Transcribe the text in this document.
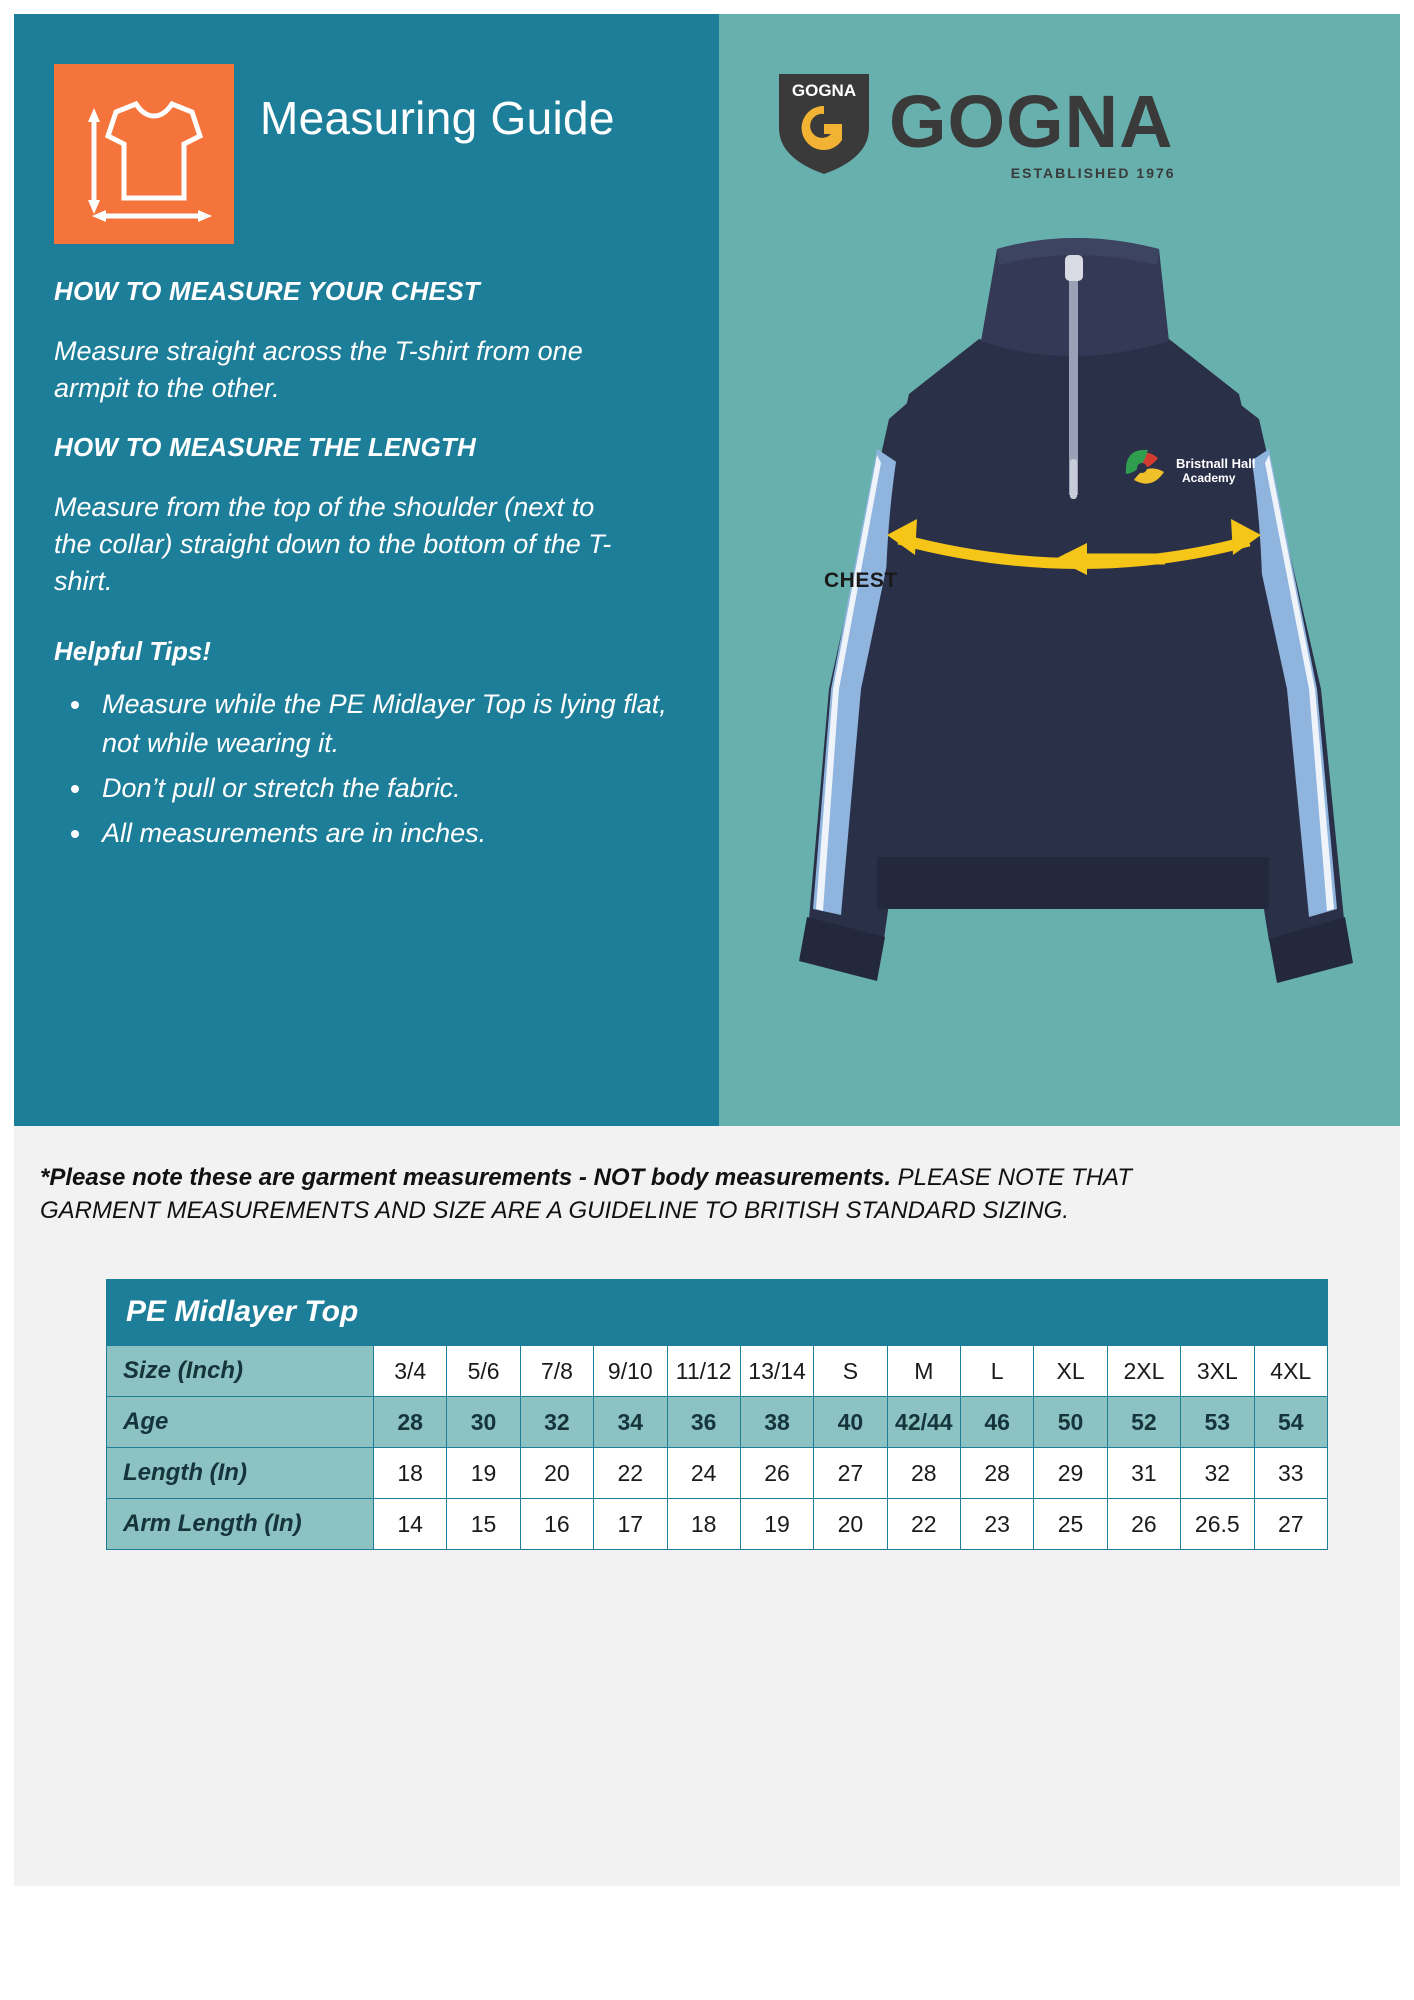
Measuring Guide
HOW TO MEASURE YOUR CHEST

Measure straight across the T-shirt from one armpit to the other.

HOW TO MEASURE THE LENGTH

Measure from the top of the shoulder (next to the collar) straight down to the bottom of the T-shirt.

Helpful Tips!
• Measure while the PE Midlayer Top is lying flat, not while wearing it.
• Don’t pull or stretch the fabric.
• All measurements are in inches.
GOGNA GOGNA
ESTABLISHED 1976
Bristnall Hall
Academy
CHEST
*Please note these are garment measurements - NOT body measurements. PLEASE NOTE THAT GARMENT MEASUREMENTS AND SIZE ARE A GUIDELINE TO BRITISH STANDARD SIZING.
PE Midlayer Top
Size (Inch)	3/4	5/6	7/8	9/10	11/12	13/14	S	M	L	XL	2XL	3XL	4XL
Age	28	30	32	34	36	38	40	42/44	46	50	52	53	54
Length (In)	18	19	20	22	24	26	27	28	28	29	31	32	33
Arm Length (In)	14	15	16	17	18	19	20	22	23	25	26	26.5	27
